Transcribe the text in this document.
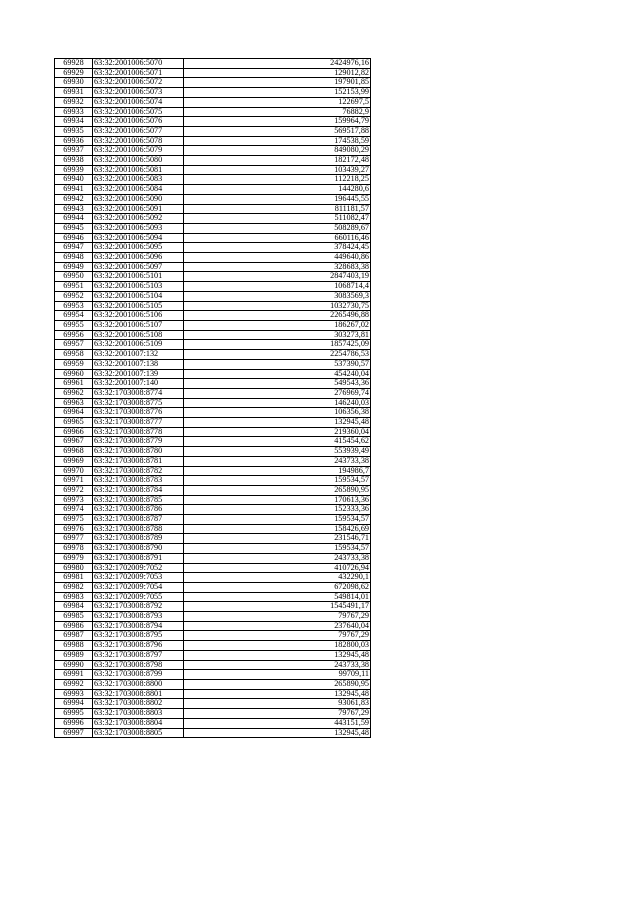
69928	63:32:2001006:5070	2424976,16
69929	63:32:2001006:5071	129012,82
69930	63:32:2001006:5072	197901,85
69931	63:32:2001006:5073	152153,99
69932	63:32:2001006:5074	122697,5
69933	63:32:2001006:5075	76882,9
69934	63:32:2001006:5076	159964,79
69935	63:32:2001006:5077	569517,88
69936	63:32:2001006:5078	174538,59
69937	63:32:2001006:5079	849080,29
69938	63:32:2001006:5080	182172,48
69939	63:32:2001006:5081	103439,27
69940	63:32:2001006:5083	112218,25
69941	63:32:2001006:5084	144280,6
69942	63:32:2001006:5090	196445,55
69943	63:32:2001006:5091	811181,57
69944	63:32:2001006:5092	511082,47
69945	63:32:2001006:5093	508289,67
69946	63:32:2001006:5094	660116,46
69947	63:32:2001006:5095	378424,45
69948	63:32:2001006:5096	449640,86
69949	63:32:2001006:5097	328683,38
69950	63:32:2001006:5101	2847403,19
69951	63:32:2001006:5103	1068714,4
69952	63:32:2001006:5104	3083569,3
69953	63:32:2001006:5105	1032730,75
69954	63:32:2001006:5106	2265496,88
69955	63:32:2001006:5107	186267,02
69956	63:32:2001006:5108	303273,81
69957	63:32:2001006:5109	1857425,09
69958	63:32:2001007:132	2254786,53
69959	63:32:2001007:138	537390,57
69960	63:32:2001007:139	454240,04
69961	63:32:2001007:140	549543,36
69962	63:32:1703008:8774	276969,74
69963	63:32:1703008:8775	146240,03
69964	63:32:1703008:8776	106356,38
69965	63:32:1703008:8777	132945,48
69966	63:32:1703008:8778	219360,04
69967	63:32:1703008:8779	415454,62
69968	63:32:1703008:8780	553939,49
69969	63:32:1703008:8781	243733,38
69970	63:32:1703008:8782	194986,7
69971	63:32:1703008:8783	159534,57
69972	63:32:1703008:8784	265890,95
69973	63:32:1703008:8785	170613,36
69974	63:32:1703008:8786	152333,36
69975	63:32:1703008:8787	159534,57
69976	63:32:1703008:8788	158426,69
69977	63:32:1703008:8789	231546,71
69978	63:32:1703008:8790	159534,57
69979	63:32:1703008:8791	243733,38
69980	63:32:1702009:7052	410726,94
69981	63:32:1702009:7053	432290,1
69982	63:32:1702009:7054	672098,62
69983	63:32:1702009:7055	549814,01
69984	63:32:1703008:8792	1545491,17
69985	63:32:1703008:8793	79767,29
69986	63:32:1703008:8794	237640,04
69987	63:32:1703008:8795	79767,29
69988	63:32:1703008:8796	182800,03
69989	63:32:1703008:8797	132945,48
69990	63:32:1703008:8798	243733,38
69991	63:32:1703008:8799	99709,11
69992	63:32:1703008:8800	265890,95
69993	63:32:1703008:8801	132945,48
69994	63:32:1703008:8802	93061,83
69995	63:32:1703008:8803	79767,29
69996	63:32:1703008:8804	443151,59
69997	63:32:1703008:8805	132945,48
